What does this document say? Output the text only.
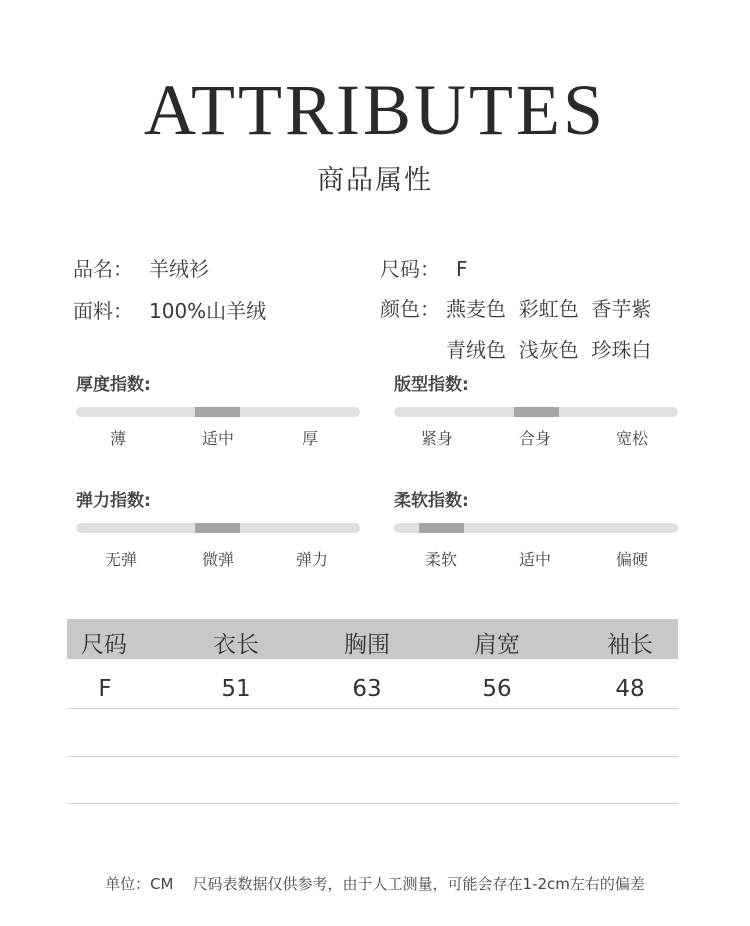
ATTRIBUTES
商品属性
品名： 羊绒衫	尺码： F
面料： 100%山羊绒	颜色： 燕麦色  彩虹色  香芋紫
青绒色  浅灰色  珍珠白
厚度指数:
薄	适中	厚
版型指数:
紧身	合身	宽松
弹力指数:
无弹	微弹	弹力
柔软指数:
柔软	适中	偏硬
尺码	衣长	胸围	肩宽	袖长
F	51	63	56	48
单位：CM    尺码表数据仅供参考，由于人工测量，可能会存在1-2cm左右的偏差
